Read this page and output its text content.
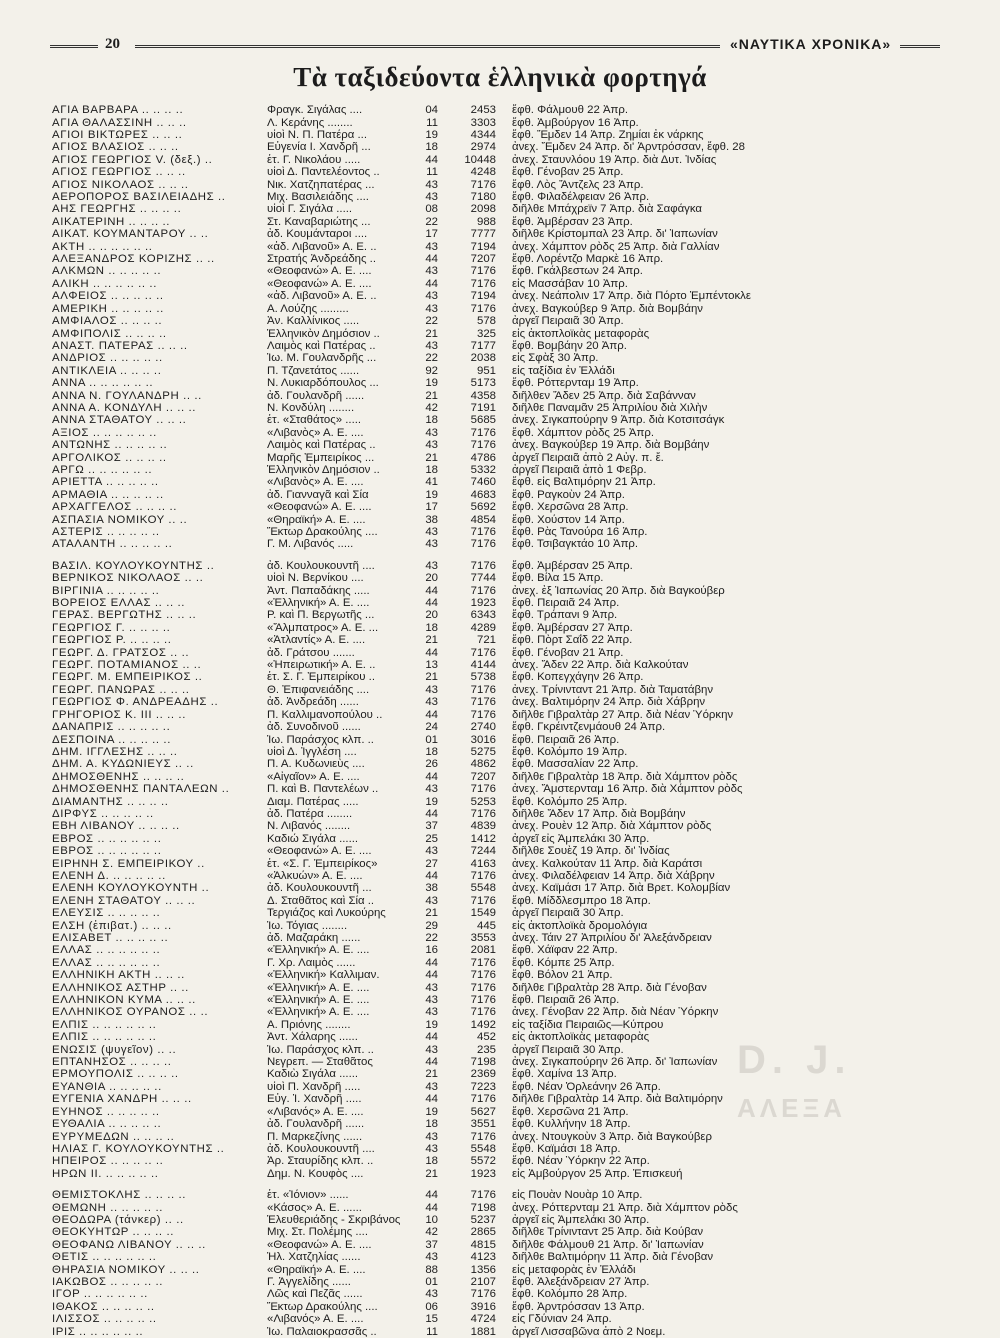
20	«ΝΑΥΤΙΚΑ ΧΡΟΝΙΚΑ»
Τὰ ταξιδεύοντα ἑλληνικὰ φορτηγά
ΑΓΙΑ ΒΑΡΒΑΡΑ .. .. .. ..	Φραγκ. Σιγάλας ....	04	2453	ἔφθ. Φάλμουθ 22 Ἀπρ.
ΑΓΙΑ ΘΑΛΑΣΣΙΝΗ .. .. ..	Λ. Κεράνης ........	11	3303	ἔφθ. Ἀμβούργον 16 Ἀπρ.
ΑΓΙΟΙ ΒΙΚΤΩΡΕΣ .. .. ..	υἱοὶ Ν. Π. Πατέρα ...	19	4344	ἔφθ. Ἔμδεν 14 Ἀπρ. Ζημίαι ἐκ νάρκης
ΑΓΙΟΣ ΒΛΑΣΙΟΣ .. .. ..	Εὐγενία Ι. Χανδρῆ ...	18	2974	ἀνεχ. Ἔμδεν 24 Ἀπρ. δι' Ἀρντρόσσαν, ἔφθ. 28
ΑΓΙΟΣ ΓΕΩΡΓΙΟΣ V. (δεξ.) ..	ἑτ. Γ. Νικολάου .....	44	10448	ἀνεχ. Σταυνλόου 19 Ἀπρ. διὰ Δυτ. Ἰνδίας
ΑΓΙΟΣ ΓΕΩΡΓΙΟΣ .. .. ..	υἱοὶ Δ. Παντελέοντος ..	11	4248	ἔφθ. Γένοβαν 25 Ἀπρ.
ΑΓΙΟΣ ΝΙΚΟΛΑΟΣ .. .. ..	Νικ. Χατζηπατέρας ...	43	7176	ἔφθ. Λὸς Ἄντζελς 23 Ἀπρ.
ΑΕΡΟΠΟΡΟΣ ΒΑΣΙΛΕΙΑΔΗΣ ..	Μιχ. Βασιλειάδης ....	43	7180	ἔφθ. Φιλαδέλφειαν 26 Ἀπρ.
ΑΗΣ ΓΕΩΡΓΗΣ .. .. .. ..	υἱοὶ Γ. Σιγάλα .....	08	2098	διῆλθε Μπάχρεϊν 7 Ἀπρ. διὰ Σαφάγκα
ΑΙΚΑΤΕΡΙΝΗ .. .. .. ..	Στ. Καναβαριώτης ...	22	988	ἔφθ. Ἀμβέρσαν 23 Ἀπρ.
ΑΙΚΑΤ. ΚΟΥΜΑΝΤΑΡΟΥ .. ..	ἀδ. Κουμάνταροι ....	17	7777	διῆλθε Κρίστομπαλ 23 Ἀπρ. δι' Ἰαπωνίαν
ΑΚΤΗ .. .. .. .. .. ..	«ἀδ. Λιβανοῦ» Α. Ε. ..	43	7194	ἀνεχ. Χάμπτον ρὸδς 25 Ἀπρ. διὰ Γαλλίαν
ΑΛΕΞΑΝΔΡΟΣ ΚΟΡΙΖΗΣ .. ..	Στρατής Ἀνδρεάδης ..	44	7207	ἔφθ. Λορέντζο Μαρκὲ 16 Ἀπρ.
ΑΛΚΜΩΝ .. .. .. .. ..	«Θεοφανώ» Α. Ε. ....	43	7176	ἔφθ. Γκάλβεστων 24 Ἀπρ.
ΑΛΙΚΗ .. .. .. .. .. ..	«Θεοφανώ» Α. Ε. ....	44	7176	εἰς Μασσάβαν 10 Ἀπρ.
ΑΛΦΕΙΟΣ .. .. .. .. ..	«ἀδ. Λιβανοῦ» Α. Ε. ..	43	7194	ἀνεχ. Νεάπολιν 17 Ἀπρ. διὰ Πόρτο Ἐμπέντοκλε
ΑΜΕΡΙΚΗ .. .. .. .. ..	Α. Λούζης .........	43	7176	ἀνεχ. Βαγκούβερ 9 Ἀπρ. διὰ Βομβάην
ΑΜΦΙΑΛΟΣ .. .. .. ..	Ἀν. Καλλίνικος .....	22	578	ἀργεῖ Πειραιᾶ 30 Ἀπρ.
ΑΜΦΙΠΟΛΙΣ .. .. .. ..	Ἑλληνικὸν Δημόσιον ..	21	325	εἰς ἀκτοπλοϊκὰς μεταφορὰς
ΑΝΑΣΤ. ΠΑΤΕΡΑΣ .. .. ..	Λαιμὸς καὶ Πατέρας ..	43	7177	ἔφθ. Βομβάην 20 Ἀπρ.
ΑΝΔΡΙΟΣ .. .. .. .. ..	Ἰω. Μ. Γουλανδρῆς ...	22	2038	εἰς Σφὰξ 30 Ἀπρ.
ΑΝΤΙΚΛΕΙΑ .. .. .. ..	Π. Τζανετάτος ......	92	951	εἰς ταξίδια ἐν Ἑλλάδι
ΑΝΝΑ .. .. .. .. .. ..	Ν. Λυκιαρδόπουλος ...	19	5173	ἔφθ. Ρόττερνταμ 19 Ἀπρ.
ΑΝΝΑ Ν. ΓΟΥΛΑΝΔΡΗ .. ..	ἀδ. Γουλανδρῆ ......	21	4358	διῆλθεν Ἄδεν 25 Ἀπρ. διὰ Σαβάνναν
ΑΝΝΑ Α. ΚΟΝΔΥΛΗ .. .. ..	Ν. Κονδύλη ........	42	7191	διῆλθε Παναμᾶν 25 Ἀπριλίου διὰ Χιλὴν
ΑΝΝΑ ΣΤΑΘΑΤΟΥ .. .. ..	ἑτ. «Σταθάτος» .....	18	5685	ἀνεχ. Σιγκαπούρην 9 Ἀπρ. διὰ Κοτσιτσάγκ
ΑΞΙΟΣ .. .. .. .. .. ..	«Λιβανὸς» Α. Ε. ....	43	7176	ἔφθ. Χάμπτον ρὸδς 25 Ἀπρ.
ΑΝΤΩΝΗΣ .. .. .. .. ..	Λαιμὸς καὶ Πατέρας ..	43	7176	ἀνεχ. Βαγκούβερ 19 Ἀπρ. διὰ Βομβάην
ΑΡΓΟΛΙΚΟΣ .. .. .. ..	Μαρῆς Ἐμπειρίκος ...	21	4786	ἀργεῖ Πειραιᾶ ἀπὸ 2 Αὐγ. π. ἔ.
ΑΡΓΩ .. .. .. .. .. ..	Ἑλληνικὸν Δημόσιον ..	18	5332	ἀργεῖ Πειραιᾶ ἀπὸ 1 Φεβρ.
ΑΡΙΕΤΤΑ .. .. .. .. ..	«Λιβανὸς» Α. Ε. ....	41	7460	ἔφθ. εἰς Βαλτιμόρην 21 Ἀπρ.
ΑΡΜΑΘΙΑ .. .. .. .. ..	ἀδ. Γιανναγᾶ καὶ Σία	19	4683	ἔφθ. Ραγκοὺν 24 Ἀπρ.
ΑΡΧΑΓΓΕΛΟΣ .. .. .. ..	«Θεοφανώ» Α. Ε. ....	17	5692	ἔφθ. Χερσῶνα 28 Ἀπρ.
ΑΣΠΑΣΙΑ ΝΟΜΙΚΟΥ .. ..	«Θηραϊκή» Α. Ε. ....	38	4854	ἔφθ. Χούστον 14 Ἀπρ.
ΑΣΤΕΡΙΣ .. .. .. .. ..	Ἕκτωρ Δρακούλης ....	43	7176	ἔφθ. Ρὰς Τανούρα 16 Ἀπρ.
ΑΤΑΛΑΝΤΗ .. .. .. .. ..	Γ. Μ. Λιβανός .....	43	7176	ἔφθ. Τσιβαγκτάο 10 Ἀπρ.

ΒΑΣΙΛ. ΚΟΥΛΟΥΚΟΥΝΤΗΣ ..	ἀδ. Κουλουκουντῆ ....	43	7176	ἔφθ. Ἀμβέρσαν 25 Ἀπρ.
ΒΕΡΝΙΚΟΣ ΝΙΚΟΛΑΟΣ .. ..	υἱοὶ Ν. Βερνίκου ....	20	7744	ἔφθ. Βίλα 15 Ἀπρ.
ΒΙΡΓΙΝΙΑ .. .. .. .. ..	Ἀντ. Παπαδάκης .....	44	7176	ἀνεχ. ἐξ Ἰαπωνίας 20 Ἀπρ. διὰ Βαγκούβερ
ΒΟΡΕΙΟΣ ΕΛΛΑΣ .. .. ..	«Ἑλληνική» Α. Ε. ....	44	1923	ἔφθ. Πειραιᾶ 24 Ἀπρ.
ΓΕΡΑΣ. ΒΕΡΓΩΤΗΣ .. .. ..	Ρ. καὶ Π. Βεργωτῆς ...	20	6343	ἔφθ. Τράπανι 9 Ἀπρ.
ΓΕΩΡΓΙΟΣ Γ. .. .. .. ..	«Ἄλμπατρος» Α. Ε. ...	18	4289	ἔφθ. Ἀμβέρσαν 27 Ἀπρ.
ΓΕΩΡΓΙΟΣ Ρ. .. .. .. ..	«Ἀτλαντίς» Α. Ε. ....	21	721	ἔφθ. Πὸρτ Σαΐδ 22 Ἀπρ.
ΓΕΩΡΓ. Δ. ΓΡΑΤΣΟΣ .. ..	ἀδ. Γράτσου .......	44	7176	ἔφθ. Γένοβαν 21 Ἀπρ.
ΓΕΩΡΓ. ΠΟΤΑΜΙΑΝΟΣ .. ..	«Ἠπειρωτική» Α. Ε. ..	13	4144	ἀνεχ. Ἄδεν 22 Ἀπρ. διὰ Καλκούταν
ΓΕΩΡΓ. Μ. ΕΜΠΕΙΡΙΚΟΣ ..	ἑτ. Σ. Γ. Ἐμπειρίκου ..	21	5738	ἔφθ. Κοπεγχάγην 26 Ἀπρ.
ΓΕΩΡΓ. ΠΑΝΩΡΑΣ .. .. ..	Θ. Ἐπιφανειάδης ....	43	7176	ἀνεχ. Τρίνινταντ 21 Ἀπρ. διὰ Ταματάβην
ΓΕΩΡΓΙΟΣ Φ. ΑΝΔΡΕΑΔΗΣ ..	ἀδ. Ἀνδρεάδη ......	43	7176	ἀνεχ. Βαλτιμόρην 24 Ἀπρ. διὰ Χάβρην
ΓΡΗΓΟΡΙΟΣ Κ. ΙΙΙ .. .. ..	Π. Καλλιμανοπούλου ..	44	7176	διῆλθε Γιβραλτὰρ 27 Ἀπρ. διὰ Νέαν Ὑόρκην
ΔΑΝΑΠΡΙΣ .. .. .. .. ..	ἀδ. Συνοδινοῦ ......	24	2740	ἔφθ. Γκρέιντζενμάουθ 24 Ἀπρ.
ΔΕΣΠΟΙΝΑ .. .. .. .. ..	Ἰω. Παράσχος κλπ. ..	01	3016	ἔφθ. Πειραιᾶ 26 Ἀπρ.
ΔΗΜ. ΙΓΓΛΕΣΗΣ .. .. ..	υἱοὶ Δ. Ἰγγλέση ....	18	5275	ἔφθ. Κολόμπο 19 Ἀπρ.
ΔΗΜ. Α. ΚΥΔΩΝΙΕΥΣ .. ..	Π. Α. Κυδωνιεὺς ....	26	4862	ἔφθ. Μασσαλίαν 22 Ἀπρ.
ΔΗΜΟΣΘΕΝΗΣ .. .. .. ..	«Αἰγαῖον» Α. Ε. ....	44	7207	διῆλθε Γιβραλτὰρ 18 Ἀπρ. διὰ Χάμπτον ρὸδς
ΔΗΜΟΣΘΕΝΗΣ ΠΑΝΤΑΛΕΩΝ ..	Π. καὶ Β. Παντελέων ..	43	7176	ἀνεχ. Ἄμστερνταμ 16 Ἀπρ. διὰ Χάμπτον ρὸδς
ΔΙΑΜΑΝΤΗΣ .. .. .. ..	Διαμ. Πατέρας .....	19	5253	ἔφθ. Κολόμπο 25 Ἀπρ.
ΔΙΡΦΥΣ .. .. .. .. ..	ἀδ. Πατέρα ........	44	7176	διῆλθε Ἄδεν 17 Ἀπρ. διὰ Βομβάην
ΕΒΗ ΛΙΒΑΝΟΥ .. .. .. ..	Ν. Λιβανός ........	37	4839	ἀνεχ. Ρουὲν 12 Ἀπρ. διὰ Χάμπτον ρὸδς
ΕΒΡΟΣ .. .. .. .. .. ..	Καδιώ Σιγάλα ......	25	1412	ἀργεῖ εἰς Ἀμπελάκι 30 Ἀπρ.
ΕΒΡΟΣ .. .. .. .. .. ..	«Θεοφανώ» Α. Ε. ....	43	7244	διῆλθε Σουὲζ 19 Ἀπρ. δι' Ἰνδίας
ΕΙΡΗΝΗ Σ. ΕΜΠΕΙΡΙΚΟΥ ..	ἑτ. «Σ. Γ. Ἐμπειρίκος»	27	4163	ἀνεχ. Καλκούταν 11 Ἀπρ. διὰ Καράτσι
ΕΛΕΝΗ Δ. .. .. .. .. ..	«Ἀλκυών» Α. Ε. ....	44	7176	ἀνεχ. Φιλαδέλφειαν 14 Ἀπρ. διὰ Χάβρην
ΕΛΕΝΗ ΚΟΥΛΟΥΚΟΥΝΤΗ ..	ἀδ. Κουλουκουντῆ ...	38	5548	ἀνεχ. Καϊμάσι 17 Ἀπρ. διὰ Βρετ. Κολομβίαν
ΕΛΕΝΗ ΣΤΑΘΑΤΟΥ .. .. ..	Δ. Σταθᾶτος καὶ Σία ..	43	7176	ἔφθ. Μίδδλεσμπρο 18 Ἀπρ.
ΕΛΕΥΣΙΣ .. .. .. .. ..	Τεργιάζος καὶ Λυκούρης	21	1549	ἀργεῖ Πειραιᾶ 30 Ἀπρ.
ΕΛΣΗ (ἐπιβατ.) .. .. ..	Ἰω. Τόγιας ........	29	445	εἰς ἀκτοπλοϊκὰ δρομολόγια
ΕΛΙΣΑΒΕΤ .. .. .. .. ..	ἀδ. Μαζαράκη ......	22	3553	ἀνεχ. Τάιν 27 Ἀπριλίου δι' Ἀλεξάνδρειαν
ΕΛΛΑΣ .. .. .. .. .. ..	«Ἑλληνική» Α. Ε. ....	16	2081	ἔφθ. Χάϊφαν 22 Ἀπρ.
ΕΛΛΑΣ .. .. .. .. .. ..	Γ. Χρ. Λαιμὸς ......	44	7176	ἔφθ. Κόμπε 25 Ἀπρ.
ΕΛΛΗΝΙΚΗ ΑΚΤΗ .. .. ..	«Ἑλληνική» Καλλιμαν.	44	7176	ἔφθ. Βόλον 21 Ἀπρ.
ΕΛΛΗΝΙΚΟΣ ΑΣΤΗΡ .. ..	«Ἑλληνική» Α. Ε. ....	43	7176	διῆλθε Γιβραλτὰρ 28 Ἀπρ. διὰ Γένοβαν
ΕΛΛΗΝΙΚΟΝ ΚΥΜΑ .. .. ..	«Ἑλληνική» Α. Ε. ....	43	7176	ἔφθ. Πειραιᾶ 26 Ἀπρ.
ΕΛΛΗΝΙΚΟΣ ΟΥΡΑΝΟΣ .. ..	«Ἑλληνική» Α. Ε. ....	43	7176	ἀνεχ. Γένοβαν 22 Ἀπρ. διὰ Νέαν Ὑόρκην
ΕΛΠΙΣ .. .. .. .. .. ..	Α. Πριόνης ........	19	1492	εἰς ταξίδια Πειραιῶς—Κύπρου
ΕΛΠΙΣ .. .. .. .. .. ..	Ἀντ. Χάλαρης ......	44	452	εἰς ἀκτοπλοϊκὰς μεταφορὰς
ΕΝΩΣΙΣ (ψυγεῖον) .. ..	Ἰω. Παράσχος κλπ. ..	43	235	ἀργεῖ Πειραιᾶ 30 Ἀπρ.
ΕΠΤΑΝΗΣΟΣ .. .. .. ..	Νεγρεπ. — Σταθᾶτος	44	7198	ἀνεχ. Σιγκαπούρην 26 Ἀπρ. δι' Ἰαπωνίαν
ΕΡΜΟΥΠΟΛΙΣ .. .. .. ..	Καδιὼ Σιγάλα ......	21	2369	ἔφθ. Χαμίνα 13 Ἀπρ.
ΕΥΑΝΘΙΑ .. .. .. .. ..	υἱοὶ Π. Χανδρῆ .....	43	7223	ἔφθ. Νέαν Ὀρλεάνην 26 Ἀπρ.
ΕΥΓΕΝΙΑ ΧΑΝΔΡΗ .. .. ..	Εὐγ. Ἰ. Χανδρῆ .....	44	7176	διῆλθε Γιβραλτὰρ 14 Ἀπρ. διὰ Βαλτιμόρην
ΕΥΗΝΟΣ .. .. .. .. ..	«Λιβανός» Α. Ε. ....	19	5627	ἔφθ. Χερσῶνα 21 Ἀπρ.
ΕΥΘΑΛΙΑ .. .. .. .. ..	ἀδ. Γουλανδρῆ ......	18	3551	ἔφθ. Κυλλήνην 18 Ἀπρ.
ΕΥΡΥΜΕΔΩΝ .. .. .. ..	Π. Μαρκεζίνης ......	43	7176	ἀνεχ. Ντουγκοὺν 3 Ἀπρ. διὰ Βαγκούβερ
ΗΛΙΑΣ Γ. ΚΟΥΛΟΥΚΟΥΝΤΗΣ ..	ἀδ. Κουλουκουντῆ ....	43	5548	ἔφθ. Καϊμάσι 18 Ἀπρ.
ΗΠΕΙΡΟΣ .. .. .. .. ..	Ἀρ. Σταυρίδης κλπ. ..	18	5572	ἔφθ. Νέαν Ὑόρκην 22 Ἀπρ.
ΗΡΩΝ ΙΙ. .. .. .. .. ..	Δημ. Ν. Κουφὸς ....	21	1923	εἰς Ἀμβούργον 25 Ἀπρ. Ἐπισκευή

ΘΕΜΙΣΤΟΚΛΗΣ .. .. .. ..	ἑτ. «Ἰόνιον» ......	44	7176	εἰς Πουὰν Νουὰρ 10 Ἀπρ.
ΘΕΜΩΝΗ .. .. .. .. ..	«Κάσος» Α. Ε. ......	44	7198	ἀνεχ. Ρόττερνταμ 21 Ἀπρ. διὰ Χάμπτον ρὸδς
ΘΕΟΔΩΡΑ (τάνκερ) .. ..	Ἐλευθεριάδης - Σκριβάνος	10	5237	ἀργεῖ εἰς Ἀμπελάκι 30 Ἀπρ.
ΘΕΟΚΥΗΤΩΡ .. .. .. ..	Μιχ. Στ. Πολέμης ....	42	2865	διῆλθε Τρίνινταντ 25 Ἀπρ. διὰ Κούβαν
ΘΕΟΦΑΝΩ ΛΙΒΑΝΟΥ .. .. ..	«Θεοφανώ» Α. Ε. ....	37	4815	διῆλθε Φάλμουθ 21 Ἀπρ. δι' Ἰαπωνίαν
ΘΕΤΙΣ .. .. .. .. .. ..	Ἠλ. Χατζηλίας ......	43	4123	διῆλθε Βαλτιμόρην 11 Ἀπρ. διὰ Γένοβαν
ΘΗΡΑΣΙΑ ΝΟΜΙΚΟΥ .. .. ..	«Θηραϊκή» Α. Ε. ....	88	1356	εἰς μεταφορὰς ἐν Ἑλλάδι
ΙΑΚΩΒΟΣ .. .. .. .. ..	Γ. Ἀγγελίδης ......	01	2107	ἔφθ. Ἀλεξάνδρειαν 27 Ἀπρ.
ΙΓΟΡ .. .. .. .. .. ..	Λῶς καὶ Πεζᾶς ......	43	7176	ἔφθ. Κολόμπο 28 Ἀπρ.
ΙΘΑΚΟΣ .. .. .. .. ..	Ἕκτωρ Δρακούλης ....	06	3916	ἔφθ. Ἀρντρόσσαν 13 Ἀπρ.
ΙΛΙΣΣΟΣ .. .. .. .. ..	«Λιβανός» Α. Ε. ....	15	4724	εἰς Γδύνιαν 24 Ἀπρ.
ΙΡΙΣ .. .. .. .. .. ..	Ἰω. Παλαιοκρασσᾶς ..	11	1881	ἀργεῖ Λισσαβῶνα ἀπὸ 2 Νοεμ.
D. J.
ΑΛΕΞΑ
